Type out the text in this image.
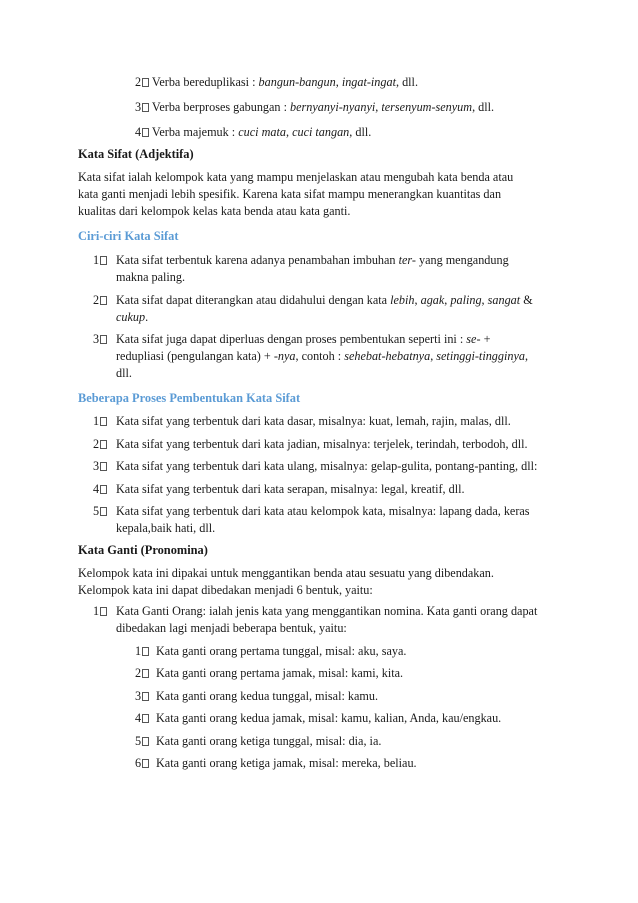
2 Verba bereduplikasi : bangun-bangun, ingat-ingat, dll.
3 Verba berproses gabungan : bernyanyi-nyanyi, tersenyum-senyum, dll.
4 Verba majemuk : cuci mata, cuci tangan, dll.
Kata Sifat (Adjektifa)
Kata sifat ialah kelompok kata yang mampu menjelaskan atau mengubah kata benda atau
kata ganti menjadi lebih spesifik. Karena kata sifat mampu menerangkan kuantitas dan
kualitas dari kelompok kelas kata benda atau kata ganti.
Ciri-ciri Kata Sifat
1	Kata sifat terbentuk karena adanya penambahan imbuhan ter- yang mengandung
makna paling.
2	Kata sifat dapat diterangkan atau didahului dengan kata lebih, agak, paling, sangat &
cukup.
3	Kata sifat juga dapat diperluas dengan proses pembentukan seperti ini : se- +
redupliasi (pengulangan kata) + -nya, contoh : sehebat-hebatnya, setinggi-tingginya,
dll.
Beberapa Proses Pembentukan Kata Sifat
1	Kata sifat yang terbentuk dari kata dasar, misalnya: kuat, lemah, rajin, malas, dll.
2	Kata sifat yang terbentuk dari kata jadian, misalnya: terjelek, terindah, terbodoh, dll.
3	Kata sifat yang terbentuk dari kata ulang, misalnya: gelap-gulita, pontang-panting, dll:
4	Kata sifat yang terbentuk dari kata serapan, misalnya: legal, kreatif, dll.
5	Kata sifat yang terbentuk dari kata atau kelompok kata, misalnya: lapang dada, keras
kepala,baik hati, dll.
Kata Ganti (Pronomina)
Kelompok kata ini dipakai untuk menggantikan benda atau sesuatu yang dibendakan.
Kelompok kata ini dapat dibedakan menjadi 6 bentuk, yaitu:
1	Kata Ganti Orang: ialah jenis kata yang menggantikan nomina. Kata ganti orang dapat
dibedakan lagi menjadi beberapa bentuk, yaitu:
1	Kata ganti orang pertama tunggal, misal: aku, saya.
2	Kata ganti orang pertama jamak, misal: kami, kita.
3	Kata ganti orang kedua tunggal, misal: kamu.
4	Kata ganti orang kedua jamak, misal: kamu, kalian, Anda, kau/engkau.
5	Kata ganti orang ketiga tunggal, misal: dia, ia.
6	Kata ganti orang ketiga jamak, misal: mereka, beliau.
